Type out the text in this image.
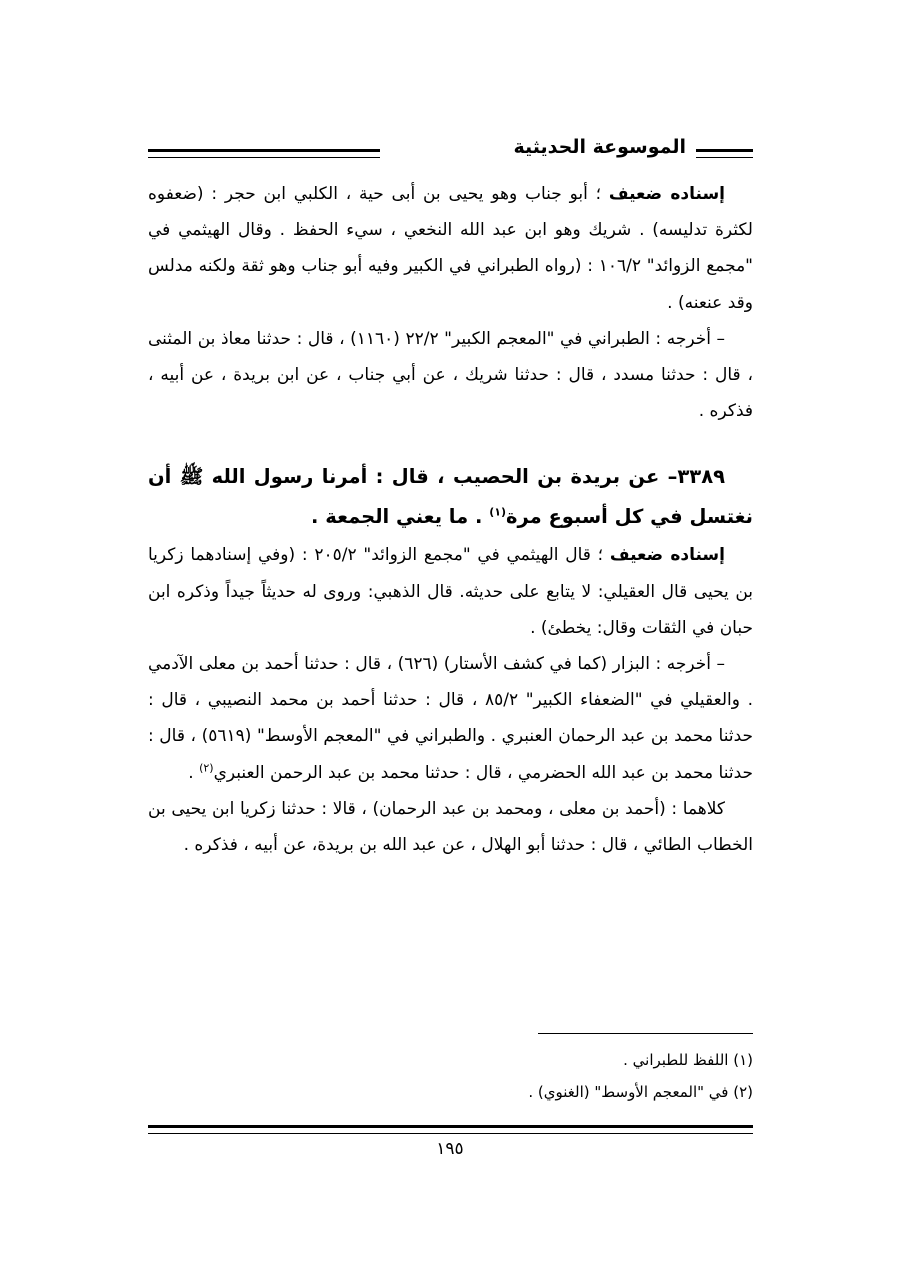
الموسوعة الحديثية

إسناده ضعيف ؛ أبو جناب وهو يحيى بن أبى حية ، الكلبي ابن حجر : (ضعفوه لكثرة تدليسه) . شريك وهو ابن عبد الله النخعي ، سيء الحفظ . وقال الهيثمي في "مجمع الزوائد" ١٠٦/٢ : (رواه الطبراني في الكبير وفيه أبو جناب وهو ثقة ولكنه مدلس وقد عنعنه) .

– أخرجه : الطبراني في "المعجم الكبير" ٢٢/٢ (١١٦٠) ، قال : حدثنا معاذ بن المثنى ، قال : حدثنا مسدد ، قال : حدثنا شريك ، عن أبي جناب ، عن ابن بريدة ، عن أبيه ، فذكره .

٣٣٨٩– عن بريدة بن الحصيب ، قال : أمرنا رسول الله ﷺ أن نغتسل في كل أسبوع مرة$^{(١)}$ . ما يعني الجمعة .

إسناده ضعيف ؛ قال الهيثمي في "مجمع الزوائد" ٢٠٥/٢ : (وفي إسنادهما زكريا بن يحيى قال العقيلي: لا يتابع على حديثه. قال الذهبي: وروى له حديثاً جيداً وذكره ابن حبان في الثقات وقال: يخطئ) .

– أخرجه : البزار (كما في كشف الأستار) (٦٢٦) ، قال : حدثنا أحمد بن معلى الآدمي . والعقيلي في "الضعفاء الكبير" ٨٥/٢ ، قال : حدثنا أحمد بن محمد النصيبي ، قال : حدثنا محمد بن عبد الرحمان العنبري . والطبراني في "المعجم الأوسط" (٥٦١٩) ، قال : حدثنا محمد بن عبد الله الحضرمي ، قال : حدثنا محمد بن عبد الرحمن العنبري$^{(٢)}$ .

كلاهما : (أحمد بن معلى ، ومحمد بن عبد الرحمان) ، قالا : حدثنا زكريا ابن يحيى بن الخطاب الطائي ، قال : حدثنا أبو الهلال ، عن عبد الله بن بريدة، عن أبيه ، فذكره .

(١) اللفظ للطبراني .

(٢) في "المعجم الأوسط" (الغنوي) .

١٩٥
